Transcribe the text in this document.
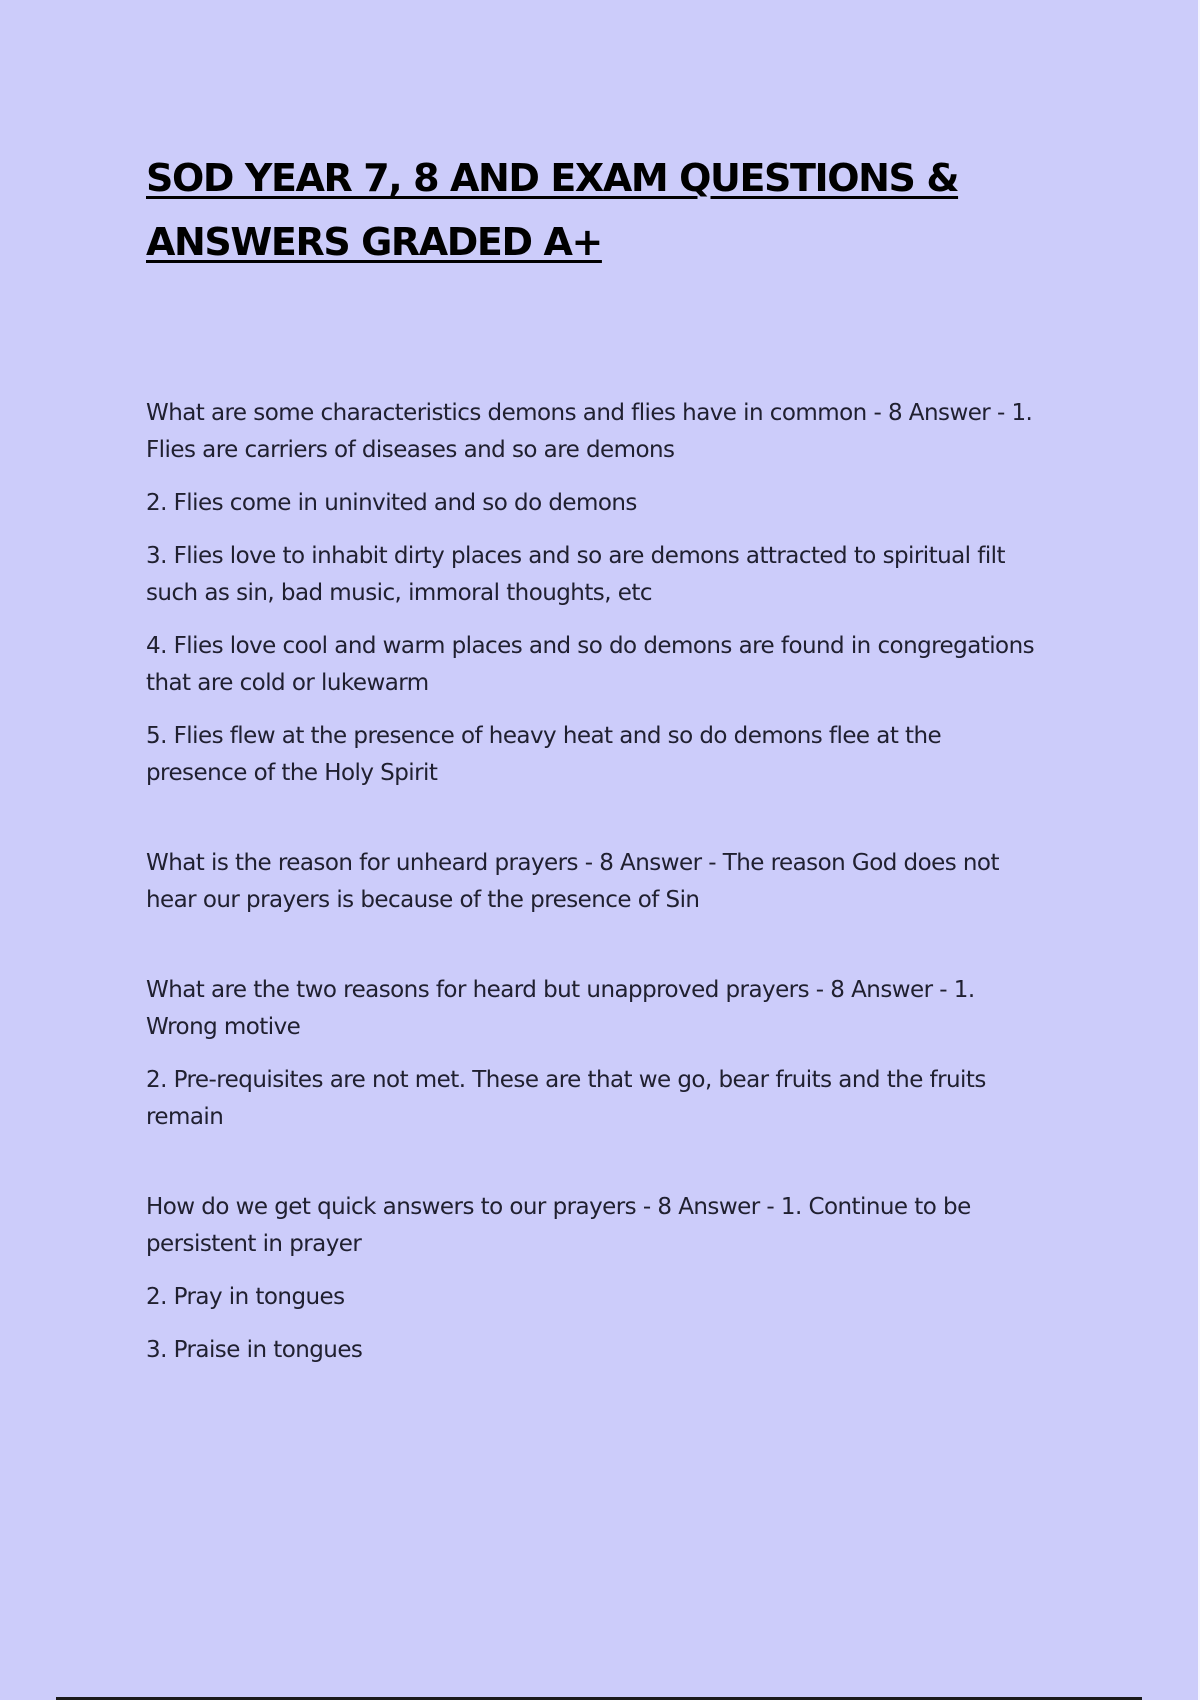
SOD YEAR 7, 8 AND EXAM QUESTIONS & ANSWERS GRADED A+

What are some characteristics demons and flies have in common - 8 Answer - 1. Flies are carriers of diseases and so are demons

2. Flies come in uninvited and so do demons

3. Flies love to inhabit dirty places and so are demons attracted to spiritual filt such as sin, bad music, immoral thoughts, etc

4. Flies love cool and warm places and so do demons are found in congregations that are cold or lukewarm

5. Flies flew at the presence of heavy heat and so do demons flee at the presence of the Holy Spirit

What is the reason for unheard prayers - 8 Answer - The reason God does not hear our prayers is because of the presence of Sin

What are the two reasons for heard but unapproved prayers - 8 Answer - 1. Wrong motive

2. Pre-requisites are not met. These are that we go, bear fruits and the fruits remain

How do we get quick answers to our prayers - 8 Answer - 1. Continue to be persistent in prayer

2. Pray in tongues

3. Praise in tongues
